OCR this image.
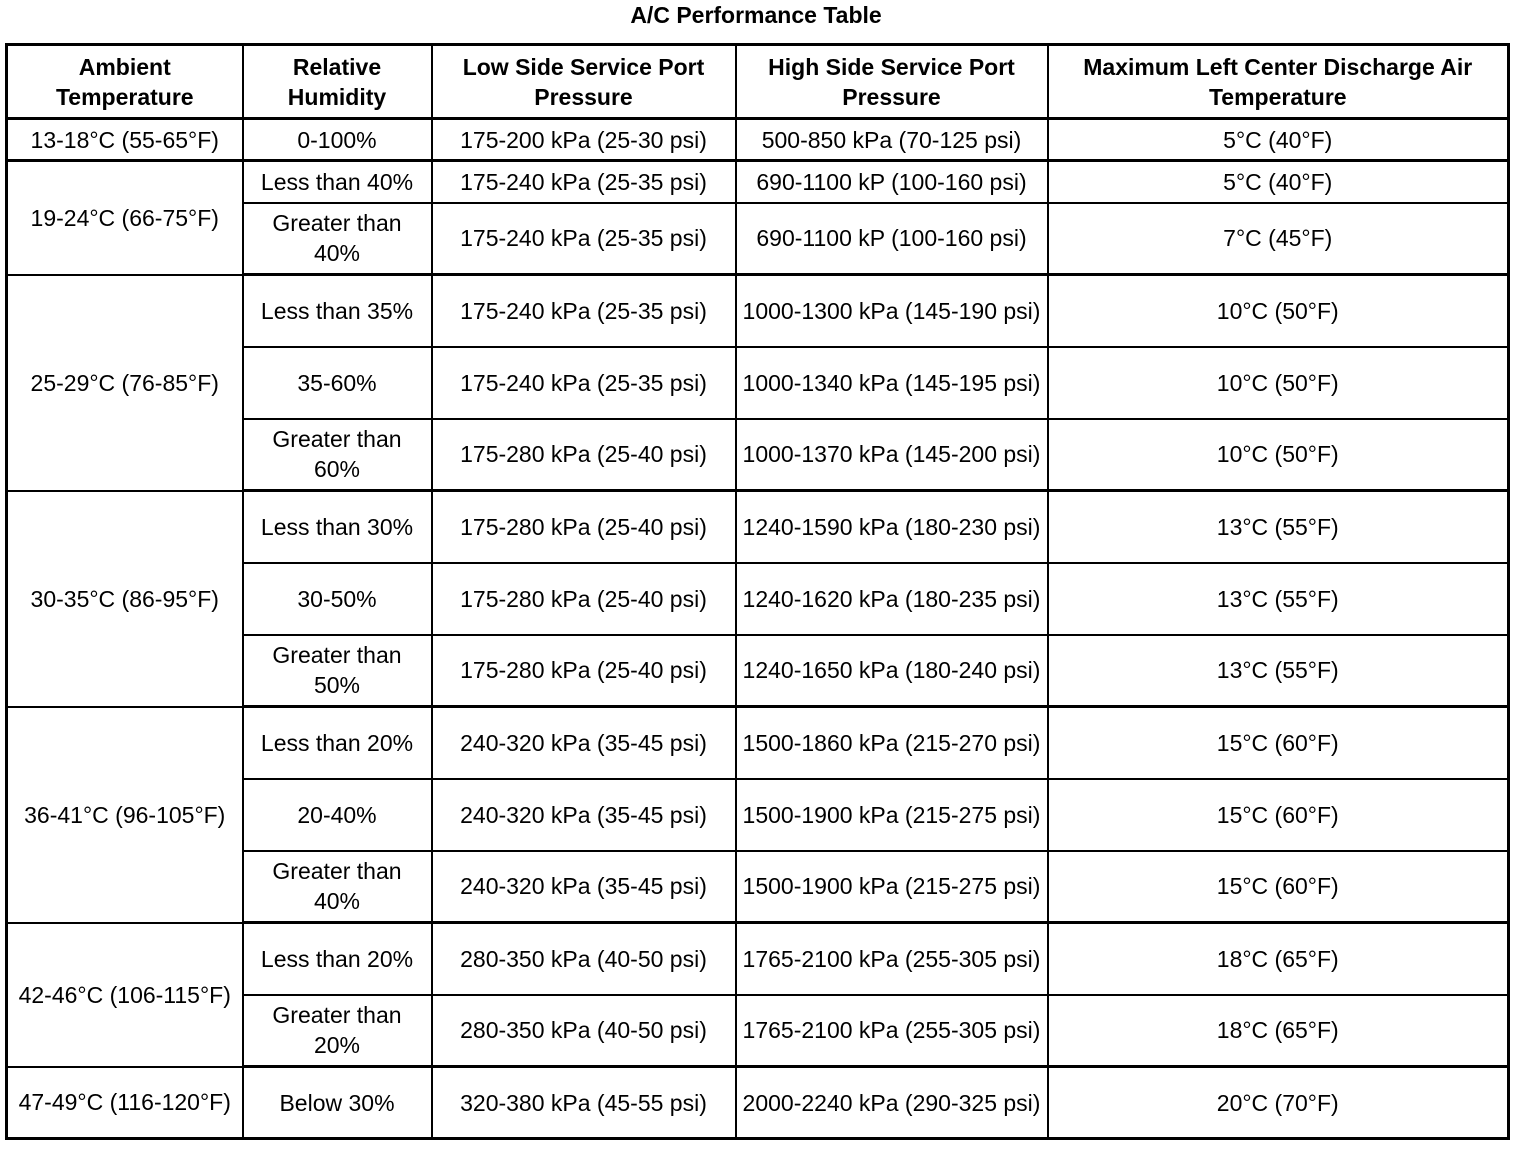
A/C Performance Table
Ambient Temperature	Relative Humidity	Low Side Service Port Pressure	High Side Service Port Pressure	Maximum Left Center Discharge Air Temperature
13-18°C (55-65°F)	0-100%	175-200 kPa (25-30 psi)	500-850 kPa (70-125 psi)	5°C (40°F)
19-24°C (66-75°F)	Less than 40%	175-240 kPa (25-35 psi)	690-1100 kP (100-160 psi)	5°C (40°F)
	Greater than 40%	175-240 kPa (25-35 psi)	690-1100 kP (100-160 psi)	7°C (45°F)
25-29°C (76-85°F)	Less than 35%	175-240 kPa (25-35 psi)	1000-1300 kPa (145-190 psi)	10°C (50°F)
	35-60%	175-240 kPa (25-35 psi)	1000-1340 kPa (145-195 psi)	10°C (50°F)
	Greater than 60%	175-280 kPa (25-40 psi)	1000-1370 kPa (145-200 psi)	10°C (50°F)
30-35°C (86-95°F)	Less than 30%	175-280 kPa (25-40 psi)	1240-1590 kPa (180-230 psi)	13°C (55°F)
	30-50%	175-280 kPa (25-40 psi)	1240-1620 kPa (180-235 psi)	13°C (55°F)
	Greater than 50%	175-280 kPa (25-40 psi)	1240-1650 kPa (180-240 psi)	13°C (55°F)
36-41°C (96-105°F)	Less than 20%	240-320 kPa (35-45 psi)	1500-1860 kPa (215-270 psi)	15°C (60°F)
	20-40%	240-320 kPa (35-45 psi)	1500-1900 kPa (215-275 psi)	15°C (60°F)
	Greater than 40%	240-320 kPa (35-45 psi)	1500-1900 kPa (215-275 psi)	15°C (60°F)
42-46°C (106-115°F)	Less than 20%	280-350 kPa (40-50 psi)	1765-2100 kPa (255-305 psi)	18°C (65°F)
	Greater than 20%	280-350 kPa (40-50 psi)	1765-2100 kPa (255-305 psi)	18°C (65°F)
47-49°C (116-120°F)	Below 30%	320-380 kPa (45-55 psi)	2000-2240 kPa (290-325 psi)	20°C (70°F)
